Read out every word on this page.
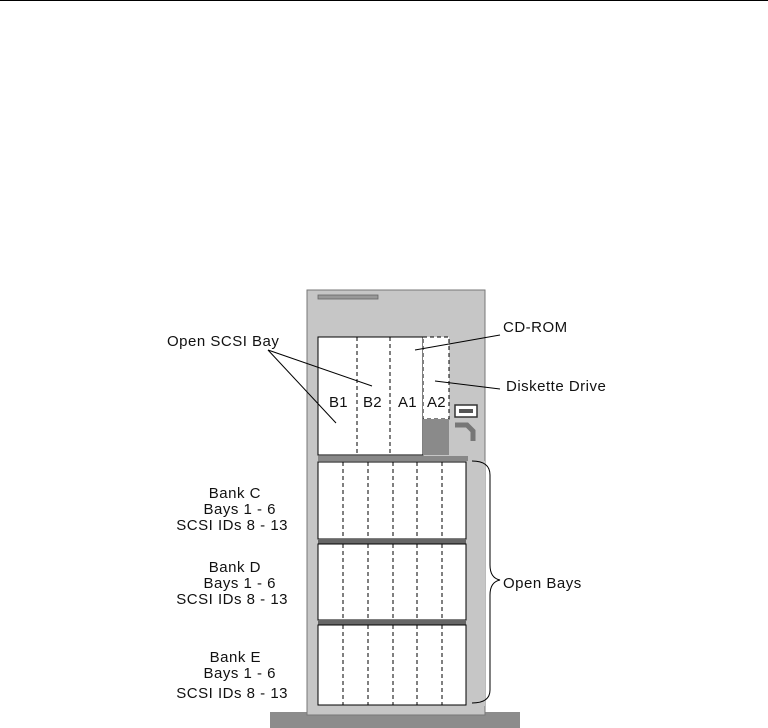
Open SCSI Bay
CD-ROM
Diskette Drive
Open Bays
B1 B2 A1 A2
Bank C
Bays 1 - 6
SCSI IDs 8 - 13
Bank D
Bays 1 - 6
SCSI IDs 8 - 13
Bank E
Bays 1 - 6
SCSI IDs 8 - 13
